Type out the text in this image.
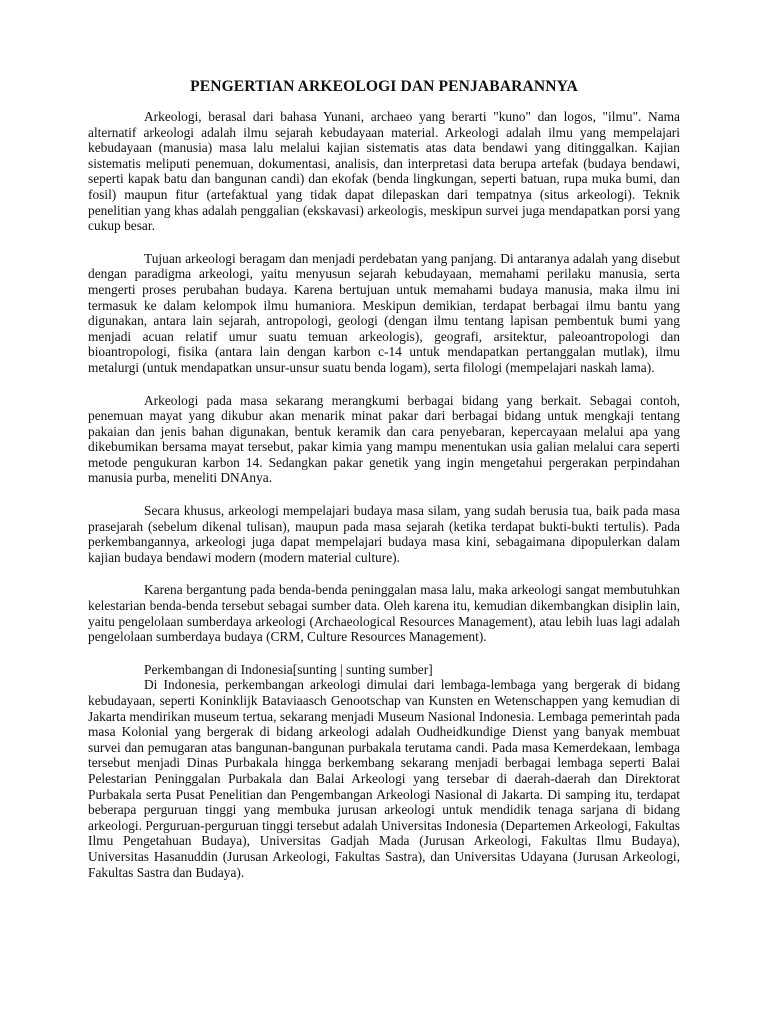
PENGERTIAN ARKEOLOGI DAN PENJABARANNYA

Arkeologi, berasal dari bahasa Yunani, archaeo yang berarti "kuno" dan logos, "ilmu". Nama alternatif arkeologi adalah ilmu sejarah kebudayaan material. Arkeologi adalah ilmu yang mempelajari kebudayaan (manusia) masa lalu melalui kajian sistematis atas data bendawi yang ditinggalkan. Kajian sistematis meliputi penemuan, dokumentasi, analisis, dan interpretasi data berupa artefak (budaya bendawi, seperti kapak batu dan bangunan candi) dan ekofak (benda lingkungan, seperti batuan, rupa muka bumi, dan fosil) maupun fitur (artefaktual yang tidak dapat dilepaskan dari tempatnya (situs arkeologi). Teknik penelitian yang khas adalah penggalian (ekskavasi) arkeologis, meskipun survei juga mendapatkan porsi yang cukup besar.

Tujuan arkeologi beragam dan menjadi perdebatan yang panjang. Di antaranya adalah yang disebut dengan paradigma arkeologi, yaitu menyusun sejarah kebudayaan, memahami perilaku manusia, serta mengerti proses perubahan budaya. Karena bertujuan untuk memahami budaya manusia, maka ilmu ini termasuk ke dalam kelompok ilmu humaniora. Meskipun demikian, terdapat berbagai ilmu bantu yang digunakan, antara lain sejarah, antropologi, geologi (dengan ilmu tentang lapisan pembentuk bumi yang menjadi acuan relatif umur suatu temuan arkeologis), geografi, arsitektur, paleoantropologi dan bioantropologi, fisika (antara lain dengan karbon c-14 untuk mendapatkan pertanggalan mutlak), ilmu metalurgi (untuk mendapatkan unsur-unsur suatu benda logam), serta filologi (mempelajari naskah lama).

Arkeologi pada masa sekarang merangkumi berbagai bidang yang berkait. Sebagai contoh, penemuan mayat yang dikubur akan menarik minat pakar dari berbagai bidang untuk mengkaji tentang pakaian dan jenis bahan digunakan, bentuk keramik dan cara penyebaran, kepercayaan melalui apa yang dikebumikan bersama mayat tersebut, pakar kimia yang mampu menentukan usia galian melalui cara seperti metode pengukuran karbon 14. Sedangkan pakar genetik yang ingin mengetahui pergerakan perpindahan manusia purba, meneliti DNAnya.

Secara khusus, arkeologi mempelajari budaya masa silam, yang sudah berusia tua, baik pada masa prasejarah (sebelum dikenal tulisan), maupun pada masa sejarah (ketika terdapat bukti-bukti tertulis). Pada perkembangannya, arkeologi juga dapat mempelajari budaya masa kini, sebagaimana dipopulerkan dalam kajian budaya bendawi modern (modern material culture).

Karena bergantung pada benda-benda peninggalan masa lalu, maka arkeologi sangat membutuhkan kelestarian benda-benda tersebut sebagai sumber data. Oleh karena itu, kemudian dikembangkan disiplin lain, yaitu pengelolaan sumberdaya arkeologi (Archaeological Resources Management), atau lebih luas lagi adalah pengelolaan sumberdaya budaya (CRM, Culture Resources Management).

Perkembangan di Indonesia[sunting | sunting sumber]

Di Indonesia, perkembangan arkeologi dimulai dari lembaga-lembaga yang bergerak di bidang kebudayaan, seperti Koninklijk Bataviaasch Genootschap van Kunsten en Wetenschappen yang kemudian di Jakarta mendirikan museum tertua, sekarang menjadi Museum Nasional Indonesia. Lembaga pemerintah pada masa Kolonial yang bergerak di bidang arkeologi adalah Oudheidkundige Dienst yang banyak membuat survei dan pemugaran atas bangunan-bangunan purbakala terutama candi. Pada masa Kemerdekaan, lembaga tersebut menjadi Dinas Purbakala hingga berkembang sekarang menjadi berbagai lembaga seperti Balai Pelestarian Peninggalan Purbakala dan Balai Arkeologi yang tersebar di daerah-daerah dan Direktorat Purbakala serta Pusat Penelitian dan Pengembangan Arkeologi Nasional di Jakarta. Di samping itu, terdapat beberapa perguruan tinggi yang membuka jurusan arkeologi untuk mendidik tenaga sarjana di bidang arkeologi. Perguruan-perguruan tinggi tersebut adalah Universitas Indonesia (Departemen Arkeologi, Fakultas Ilmu Pengetahuan Budaya), Universitas Gadjah Mada (Jurusan Arkeologi, Fakultas Ilmu Budaya), Universitas Hasanuddin (Jurusan Arkeologi, Fakultas Sastra), dan Universitas Udayana (Jurusan Arkeologi, Fakultas Sastra dan Budaya).
